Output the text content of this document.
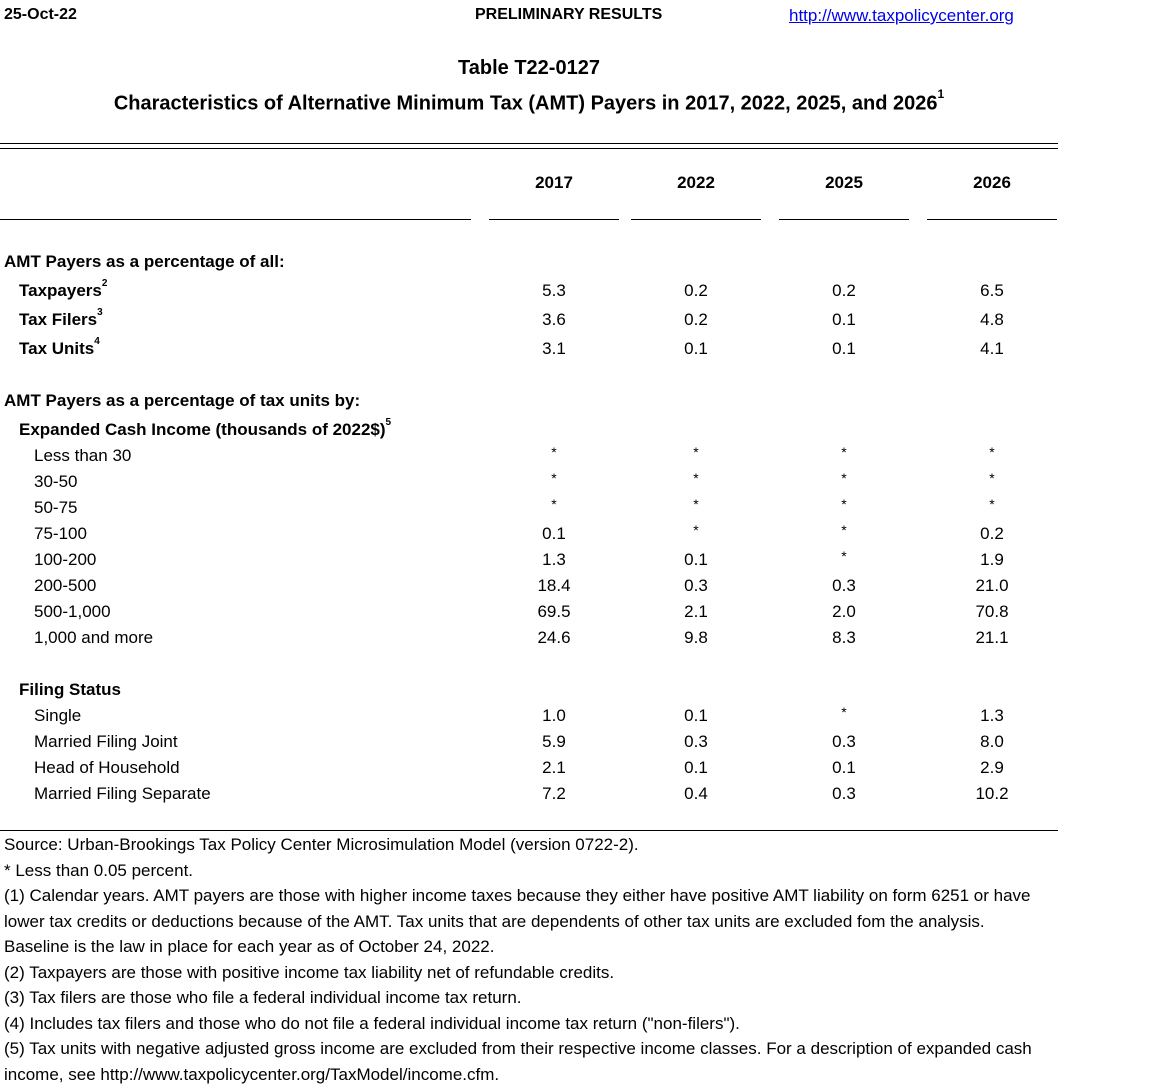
25-Oct-22	PRELIMINARY RESULTS	http://www.taxpolicycenter.org
Table T22-0127
Characteristics of Alternative Minimum Tax (AMT) Payers in 2017, 2022, 2025, and 2026$^1$
2017	2022	2025	2026
AMT Payers as a percentage of all:
Taxpayers$^2$	5.3	0.2	0.2	6.5
Tax Filers$^3$	3.6	0.2	0.1	4.8
Tax Units$^4$	3.1	0.1	0.1	4.1
AMT Payers as a percentage of tax units by:
Expanded Cash Income (thousands of 2022$)$^5$
Less than 30	*	*	*	*
30-50	*	*	*	*
50-75	*	*	*	*
75-100	0.1	*	*	0.2
100-200	1.3	0.1	*	1.9
200-500	18.4	0.3	0.3	21.0
500-1,000	69.5	2.1	2.0	70.8
1,000 and more	24.6	9.8	8.3	21.1
Filing Status
Single	1.0	0.1	*	1.3
Married Filing Joint	5.9	0.3	0.3	8.0
Head of Household	2.1	0.1	0.1	2.9
Married Filing Separate	7.2	0.4	0.3	10.2
Source: Urban-Brookings Tax Policy Center Microsimulation Model (version 0722-2).
* Less than 0.05 percent.
(1) Calendar years. AMT payers are those with higher income taxes because they either have positive AMT liability on form 6251 or have lower tax credits or deductions because of the AMT. Tax units that are dependents of other tax units are excluded fom the analysis. Baseline is the law in place for each year as of October 24, 2022.
(2) Taxpayers are those with positive income tax liability net of refundable credits.
(3) Tax filers are those who file a federal individual income tax return.
(4) Includes tax filers and those who do not file a federal individual income tax return ("non-filers").
(5) Tax units with negative adjusted gross income are excluded from their respective income classes. For a description of expanded cash income, see http://www.taxpolicycenter.org/TaxModel/income.cfm.
